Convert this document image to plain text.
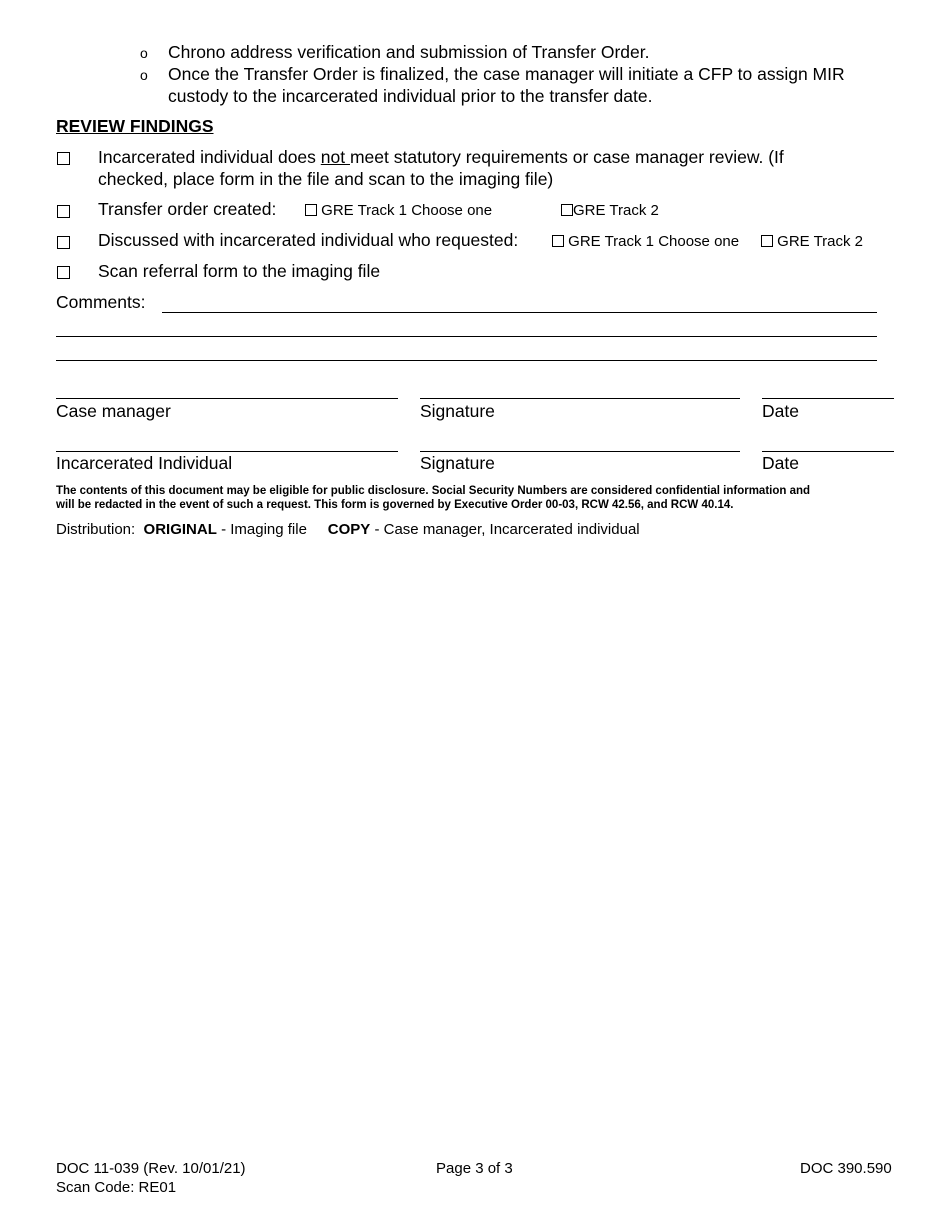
o Chrono address verification and submission of Transfer Order.
o Once the Transfer Order is finalized, the case manager will initiate a CFP to assign MIR
custody to the incarcerated individual prior to the transfer date.
REVIEW FINDINGS
Incarcerated individual does not meet statutory requirements or case manager review. (If
checked, place form in the file and scan to the imaging file)
Transfer order created:	GRE Track 1 Choose one	GRE Track 2
Discussed with incarcerated individual who requested:	GRE Track 1 Choose one	GRE Track 2
Scan referral form to the imaging file
Comments:
Case manager	Signature	Date
Incarcerated Individual	Signature	Date
The contents of this document may be eligible for public disclosure. Social Security Numbers are considered confidential information and
will be redacted in the event of such a request. This form is governed by Executive Order 00-03, RCW 42.56, and RCW 40.14.
Distribution: ORIGINAL - Imaging file COPY - Case manager, Incarcerated individual
DOC 11-039 (Rev. 10/01/21)
Scan Code: RE01
Page 3 of 3	DOC 390.590
